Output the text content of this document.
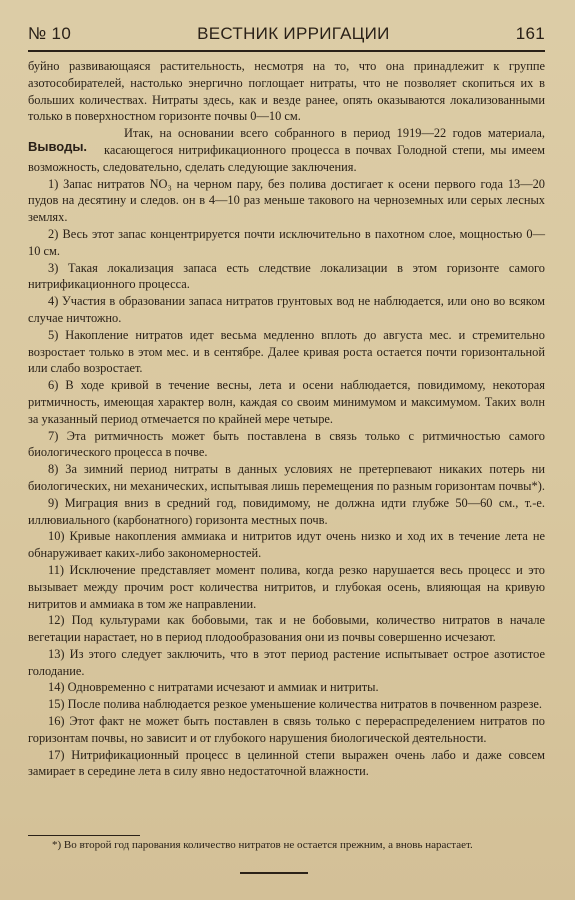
№ 10	ВЕСТНИК ИРРИГАЦИИ	161

буйно развивающаяся растительность, несмотря на то, что она принадлежит к группе азотособирателей, настолько энергично поглощает нитраты, что не позволяет скопиться их в больших количествах. Нитраты здесь, как и везде ранее, опять оказываются локализованными только в поверхностном горизонте почвы 0—10 см.

Выводы.

Итак, на основании всего собранного в период 1919—22 годов материала, касающегося нитрификационного процесса в почвах Голодной степи, мы имеем возможность, следовательно, сделать следующие заключения.

1) Запас нитратов NO₃ на черном пару, без полива достигает к осени первого года 13—20 пудов на десятину и следов. он в 4—10 раз меньше такового на черноземных или серых лесных землях.

2) Весь этот запас концентрируется почти исключительно в пахотном слое, мощностью 0—10 см.

3) Такая локализация запаса есть следствие локализации в этом горизонте самого нитрификационного процесса.

4) Участия в образовании запаса нитратов грунтовых вод не наблюдается, или оно во всяком случае ничтожно.

5) Накопление нитратов идет весьма медленно вплоть до августа мес. и стремительно возростает только в этом мес. и в сентябре. Далее кривая роста остается почти горизонтальной или слабо возростает.

6) В ходе кривой в течение весны, лета и осени наблюдается, повидимому, некоторая ритмичность, имеющая характер волн, каждая со своим минимумом и максимумом. Таких волн за указанный период отмечается по крайней мере четыре.

7) Эта ритмичность может быть поставлена в связь только с ритмичностью самого биологического процесса в почве.

8) За зимний период нитраты в данных условиях не претерпевают никаких потерь ни биологических, ни механических, испытывая лишь перемещения по разным горизонтам почвы*).

9) Миграция вниз в средний год, повидимому, не должна идти глубже 50—60 см., т.-е. иллювиального (карбонатного) горизонта местных почв.

10) Кривые накопления аммиака и нитритов идут очень низко и ход их в течение лета не обнаруживает каких-либо закономерностей.

11) Исключение представляет момент полива, когда резко нарушается весь процесс и это вызывает между прочим рост количества нитритов, и глубокая осень, влияющая на кривую нитритов и аммиака в том же направлении.

12) Под культурами как бобовыми, так и не бобовыми, количество нитратов в начале вегетации нарастает, но в период плодообразования они из почвы совершенно исчезают.

13) Из этого следует заключить, что в этот период растение испытывает острое азотистое голодание.

14) Одновременно с нитратами исчезают и аммиак и нитриты.

15) После полива наблюдается резкое уменьшение количества нитратов в почвенном разрезе.

16) Этот факт не может быть поставлен в связь только с перераспределением нитратов по горизонтам почвы, но зависит и от глубокого нарушения биологической деятельности.

17) Нитрификационный процесс в целинной степи выражен очень лабо и даже совсем замирает в середине лета в силу явно недостаточной влажности.

*) Во второй год парования количество нитратов не остается прежним, а вновь нарастает.
